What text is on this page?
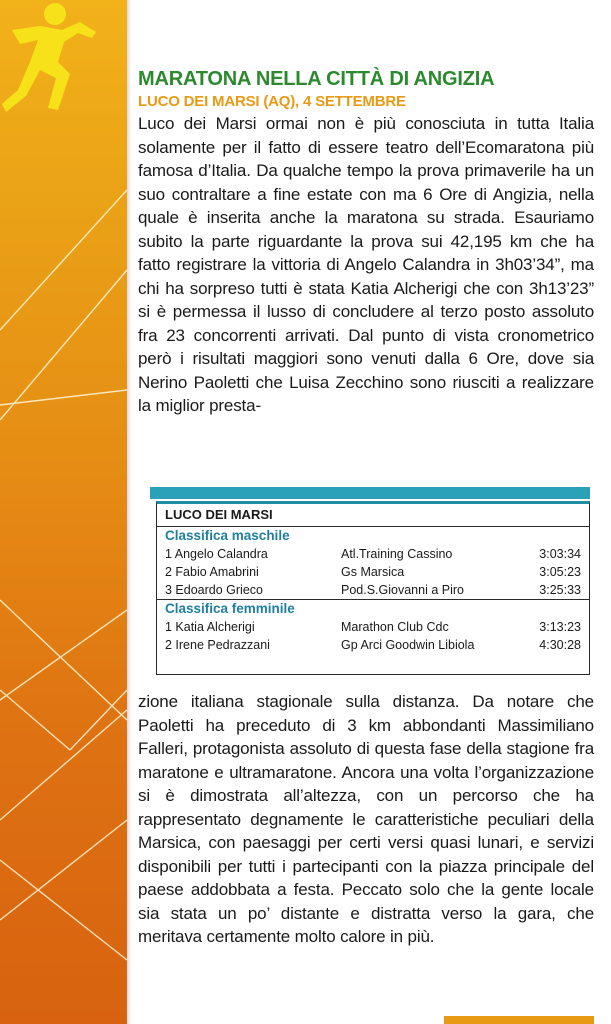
MARATONA NELLA CITTÀ DI ANGIZIA
LUCO DEI MARSI (AQ), 4 SETTEMBRE

Luco dei Marsi ormai non è più conosciuta in tutta Italia solamente per il fatto di essere teatro dell’Ecomaratona più famosa d’Italia. Da qualche tempo la prova primaverile ha un suo contraltare a fine estate con ma 6 Ore di Angizia, nella quale è inserita anche la maratona su strada. Esauriamo subito la parte riguardante la prova sui 42,195 km che ha fatto registrare la vittoria di Angelo Calandra in 3h03’34”, ma chi ha sorpreso tutti è stata Katia Alcherigi che con 3h13’23” si è permessa il lusso di concludere al terzo posto assoluto fra 23 concorrenti arrivati. Dal punto di vista cronometrico però i risultati maggiori sono venuti dalla 6 Ore, dove sia Nerino Paoletti che Luisa Zecchino sono riusciti a realizzare la miglior presta-

LUCO DEI MARSI
Classifica maschile
1 Angelo Calandra	Atl.Training Cassino	3:03:34
2 Fabio Amabrini	Gs Marsica	3:05:23
3 Edoardo Grieco	Pod.S.Giovanni a Piro	3:25:33
Classifica femminile
1 Katia Alcherigi	Marathon Club Cdc	3:13:23
2 Irene Pedrazzani	Gp Arci Goodwin Libiola	4:30:28

zione italiana stagionale sulla distanza. Da notare che Paoletti ha preceduto di 3 km abbondanti Massimiliano Falleri, protagonista assoluto di questa fase della stagione fra maratone e ultramaratone. Ancora una volta l’organizzazione si è dimostrata all’altezza, con un percorso che ha rappresentato degnamente le caratteristiche peculiari della Marsica, con paesaggi per certi versi quasi lunari, e servizi disponibili per tutti i partecipanti con la piazza principale del paese addobbata a festa. Peccato solo che la gente locale sia stata un po’ distante e distratta verso la gara, che meritava certamente molto calore in più.
